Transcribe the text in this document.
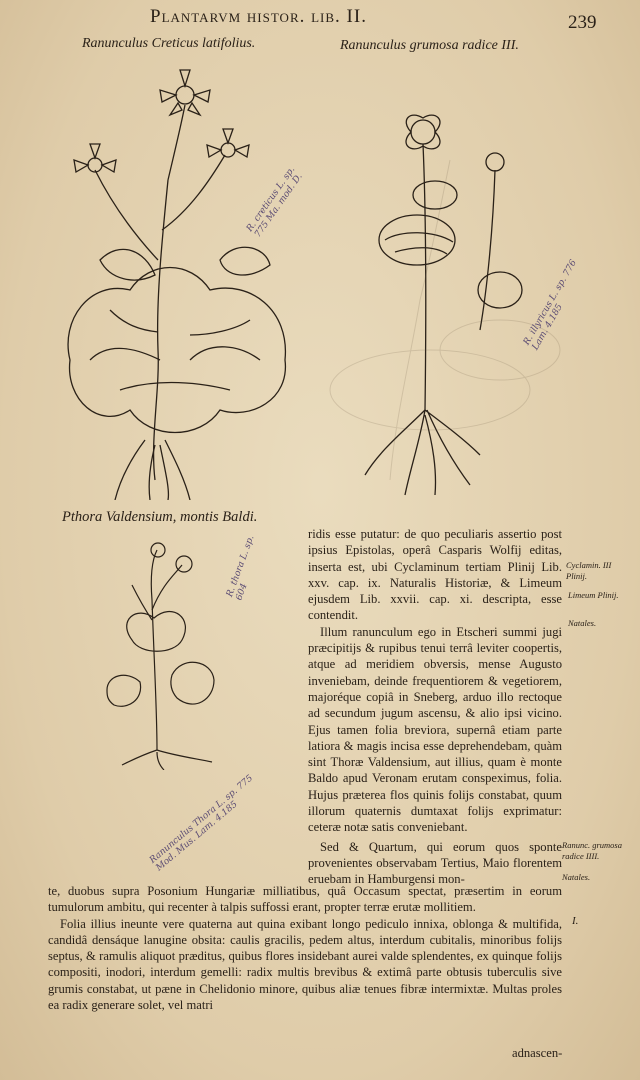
Plantarvm histor. lib. II.	239
Ranunculus Creticus latifolius.	Ranunculus grumosa radice III.
Pthora Valdensium, montis Baldi.
R. creticus L. sp. 775 Ma. mod. D.
R. illyricus L. sp. 776 Lam. 4.185
R. thora L. sp. 604
Ranunculus Thora L. sp. 775 Mod. Mus. Lam. 4.185

ridis esse putatur: de quo peculiaris assertio post ipsius Epistolas, operâ Casparis Wolfij editas, inserta est, ubi Cyclaminum tertiam Plinij Lib. xxv. cap. ix. Naturalis Historiæ, & Limeum ejusdem Lib. xxvii. cap. xi. descripta, esse contendit.

Illum ranunculum ego in Etscheri summi jugi præcipitijs & rupibus tenui terrâ leviter coopertis, atque ad meridiem obversis, mense Augusto inveniebam, deinde frequentiorem & vegetiorem, majoréque copiâ in Sneberg, arduo illo rectoque ad secundum jugum ascensu, & alio ipsi vicino. Ejus tamen folia breviora, supernâ etiam parte latiora & magis incisa esse deprehendebam, quàm sint Thoræ Valdensium, aut illius, quam è monte Baldo apud Veronam erutam conspeximus, folia. Hujus præterea flos quinis folijs constabat, quum illorum quaternis dumtaxat folijs exprimatur: ceteræ notæ satis conveniebant.

Sed & Quartum, qui eorum quos sponte provenientes observabam Tertius, Maio florentem eruebam in Hamburgensi mon-

te, duobus supra Posonium Hungariæ milliatibus, quâ Occasum spectat, præsertim in eorum tumulorum ambitu, qui recenter à talpis suffossi erant, propter terræ erutæ mollitiem.

Folia illius ineunte vere quaterna aut quina exibant longo pediculo innixa, oblonga & multifida, candidâ densáque lanugine obsita: caulis gracilis, pedem altus, interdum cubitalis, minoribus folijs septus, & ramulis aliquot præditus, quibus flores insidebant aurei valde splendentes, ex quinque folijs compositi, inodori, interdum gemelli: radix multis brevibus & extimâ parte obtusis tuberculis sive grumis constabat, ut pæne in Chelidonio minore, quibus aliæ tenues fibræ intermixtæ. Multas proles ea radix generare solet, vel matri

adnascen-
Cyclamin. III Plinij.
Limeum Plinij.
Natales.
Ranunc. grumosa radice IIII.
Natales.
I.
